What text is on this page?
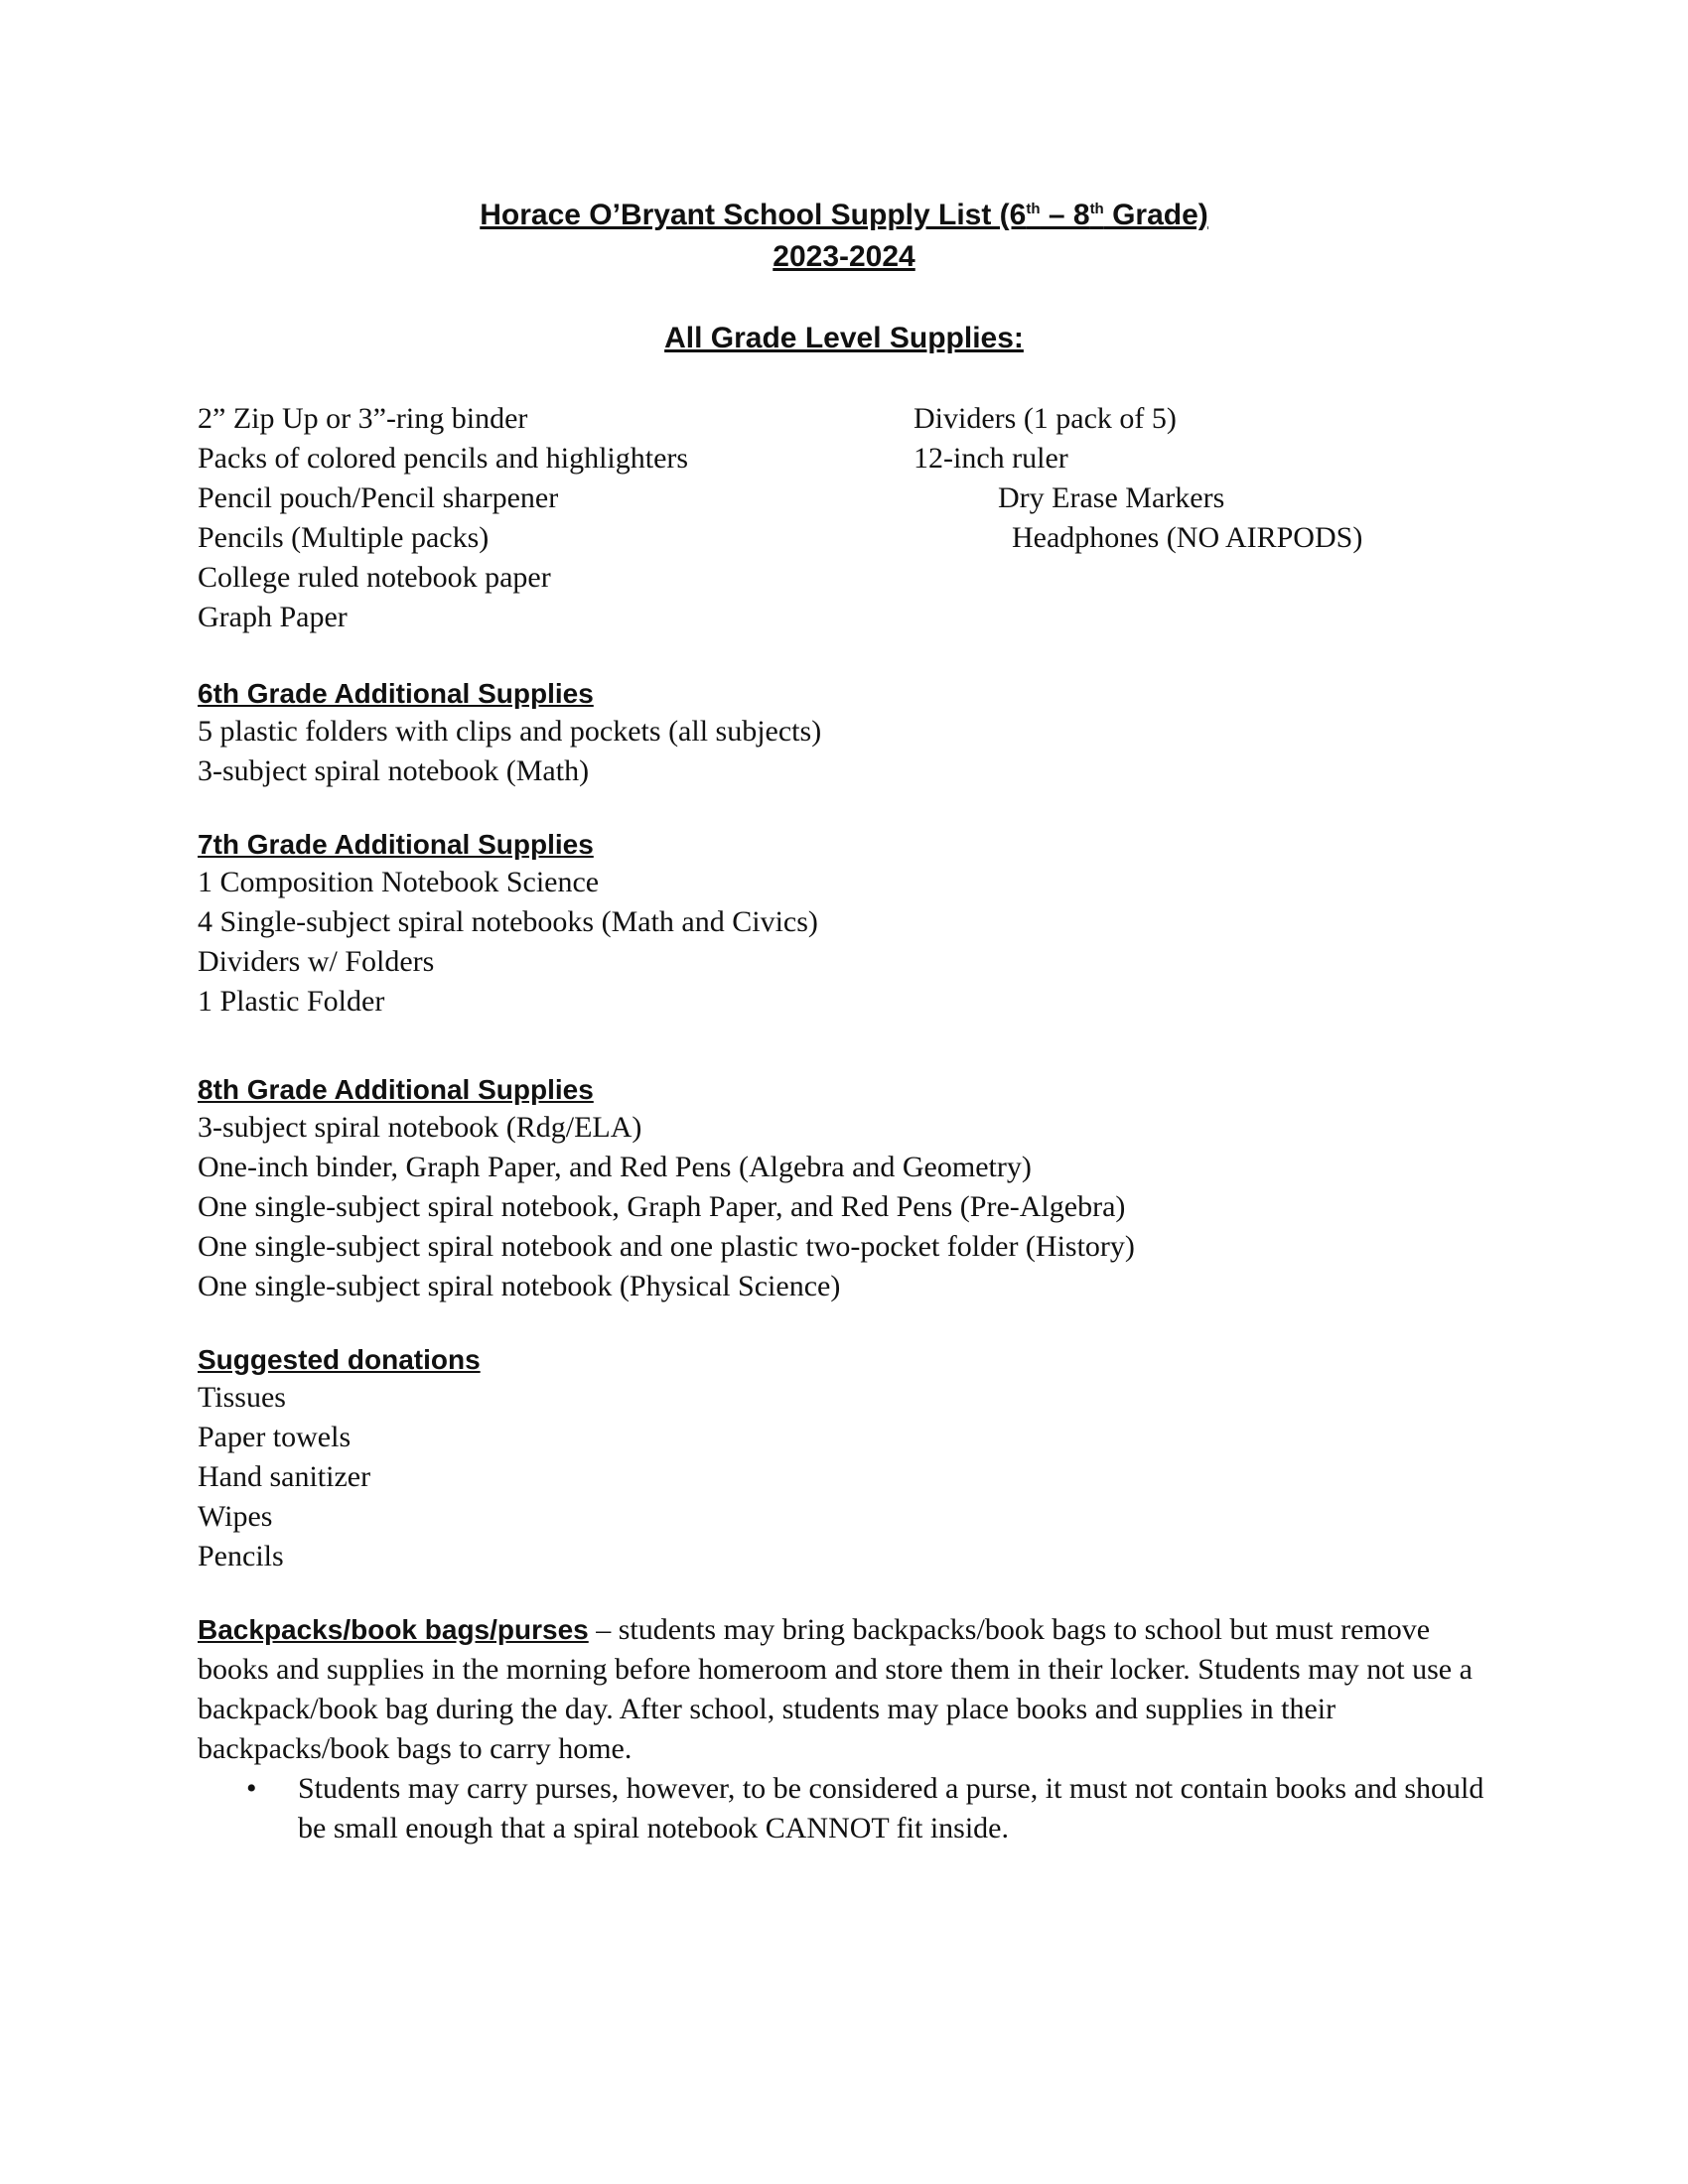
Horace O’Bryant School Supply List (6th – 8th Grade)
2023-2024
All Grade Level Supplies:
2” Zip Up or 3”-ring binder
Packs of colored pencils and highlighters
Pencil pouch/Pencil sharpener
Pencils (Multiple packs)
College ruled notebook paper
Graph Paper
Dividers (1 pack of 5)
12-inch ruler
Dry Erase Markers
Headphones (NO AIRPODS)
6th Grade Additional Supplies
5 plastic folders with clips and pockets (all subjects)
3-subject spiral notebook (Math)
7th Grade Additional Supplies
1 Composition Notebook Science
4 Single-subject spiral notebooks (Math and Civics)
Dividers w/ Folders
1 Plastic Folder
8th Grade Additional Supplies
3-subject spiral notebook (Rdg/ELA)
One-inch binder, Graph Paper, and Red Pens (Algebra and Geometry)
One single-subject spiral notebook, Graph Paper, and Red Pens (Pre-Algebra)
One single-subject spiral notebook and one plastic two-pocket folder (History)
One single-subject spiral notebook (Physical Science)
Suggested donations
Tissues
Paper towels
Hand sanitizer
Wipes
Pencils

Backpacks/book bags/purses – students may bring backpacks/book bags to school but must remove books and supplies in the morning before homeroom and store them in their locker. Students may not use a backpack/book bag during the day. After school, students may place books and supplies in their backpacks/book bags to carry home.

•	Students may carry purses, however, to be considered a purse, it must not contain books and should be small enough that a spiral notebook CANNOT fit inside.
